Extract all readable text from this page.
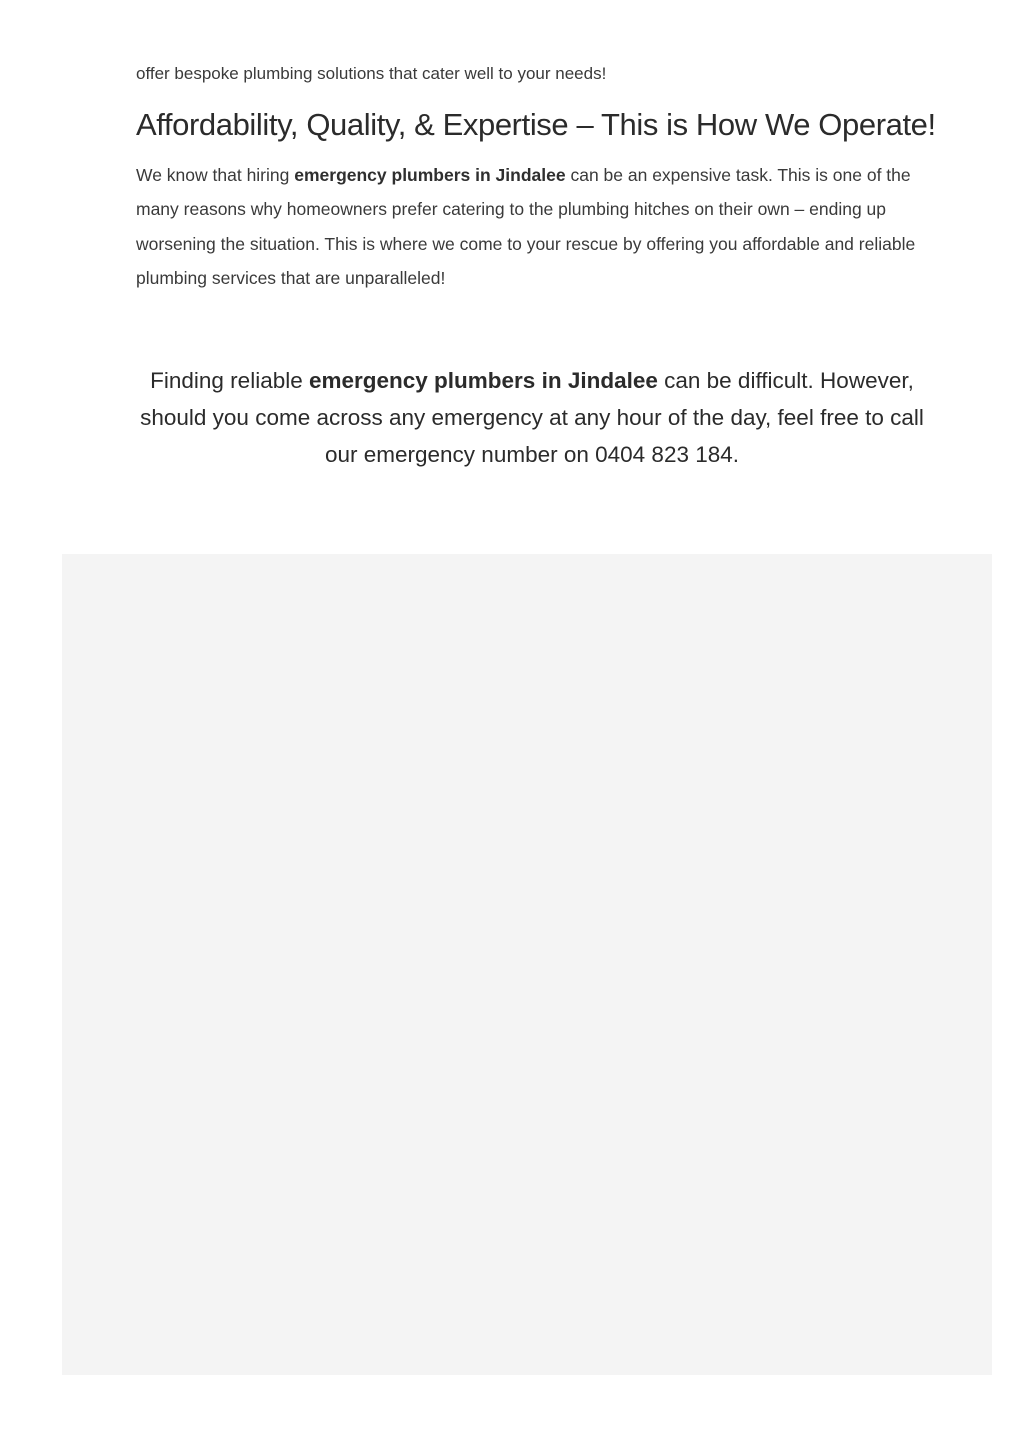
offer bespoke plumbing solutions that cater well to your needs!

Affordability, Quality, & Expertise – This is How We Operate!

We know that hiring emergency plumbers in Jindalee can be an expensive task. This is one of the many reasons why homeowners prefer catering to the plumbing hitches on their own – ending up worsening the situation. This is where we come to your rescue by offering you affordable and reliable plumbing services that are unparalleled!

Finding reliable emergency plumbers in Jindalee can be difficult. However, should you come across any emergency at any hour of the day, feel free to call our emergency number on 0404 823 184.
